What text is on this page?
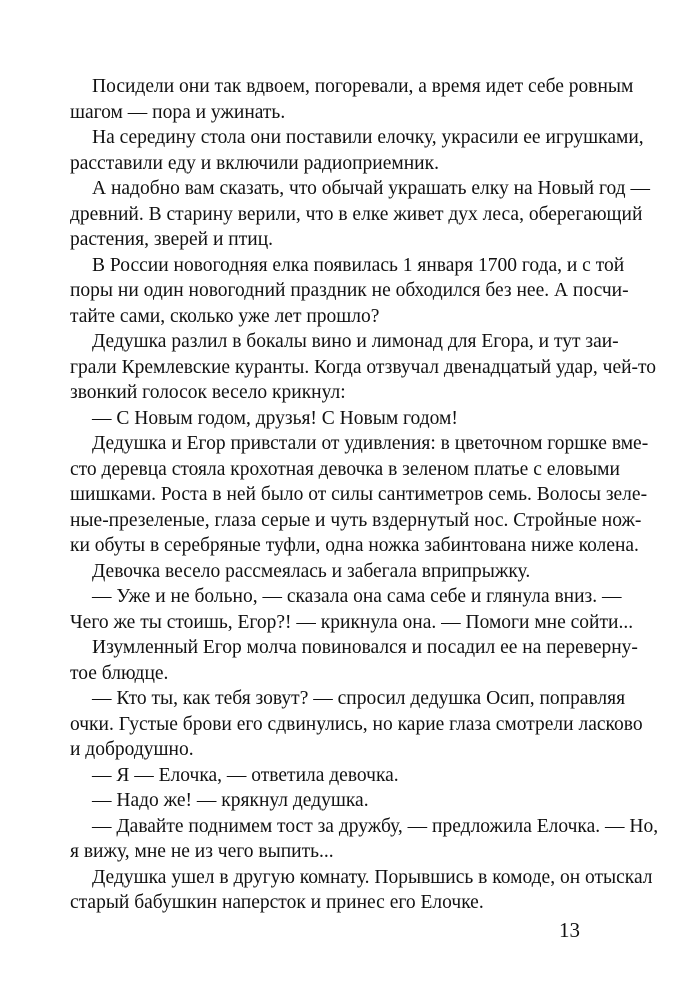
Посидели они так вдвоем, погоревали, а время идет себе ровным
шагом — пора и ужинать.
На середину стола они поставили елочку, украсили ее игрушками,
расставили еду и включили радиоприемник.
А надобно вам сказать, что обычай украшать елку на Новый год —
древний. В старину верили, что в елке живет дух леса, оберегающий
растения, зверей и птиц.
В России новогодняя елка появилась 1 января 1700 года, и с той
поры ни один новогодний праздник не обходился без нее. А посчи-
тайте сами, сколько уже лет прошло?
Дедушка разлил в бокалы вино и лимонад для Егора, и тут заи-
грали Кремлевские куранты. Когда отзвучал двенадцатый удар, чей-то
звонкий голосок весело крикнул:
— С Новым годом, друзья! С Новым годом!
Дедушка и Егор привстали от удивления: в цветочном горшке вме-
сто деревца стояла крохотная девочка в зеленом платье с еловыми
шишками. Роста в ней было от силы сантиметров семь. Волосы зеле-
ные-презеленые, глаза серые и чуть вздернутый нос. Стройные нож-
ки обуты в серебряные туфли, одна ножка забинтована ниже колена.
Девочка весело рассмеялась и забегала вприпрыжку.
— Уже и не больно, — сказала она сама себе и глянула вниз. —
Чего же ты стоишь, Егор?! — крикнула она. — Помоги мне сойти...
Изумленный Егор молча повиновался и посадил ее на переверну-
тое блюдце.
— Кто ты, как тебя зовут? — спросил дедушка Осип, поправляя
очки. Густые брови его сдвинулись, но карие глаза смотрели ласково
и добродушно.
— Я — Елочка, — ответила девочка.
— Надо же! — крякнул дедушка.
— Давайте поднимем тост за дружбу, — предложила Елочка. — Но,
я вижу, мне не из чего выпить...
Дедушка ушел в другую комнату. Порывшись в комоде, он отыскал
старый бабушкин наперсток и принес его Елочке.
13
